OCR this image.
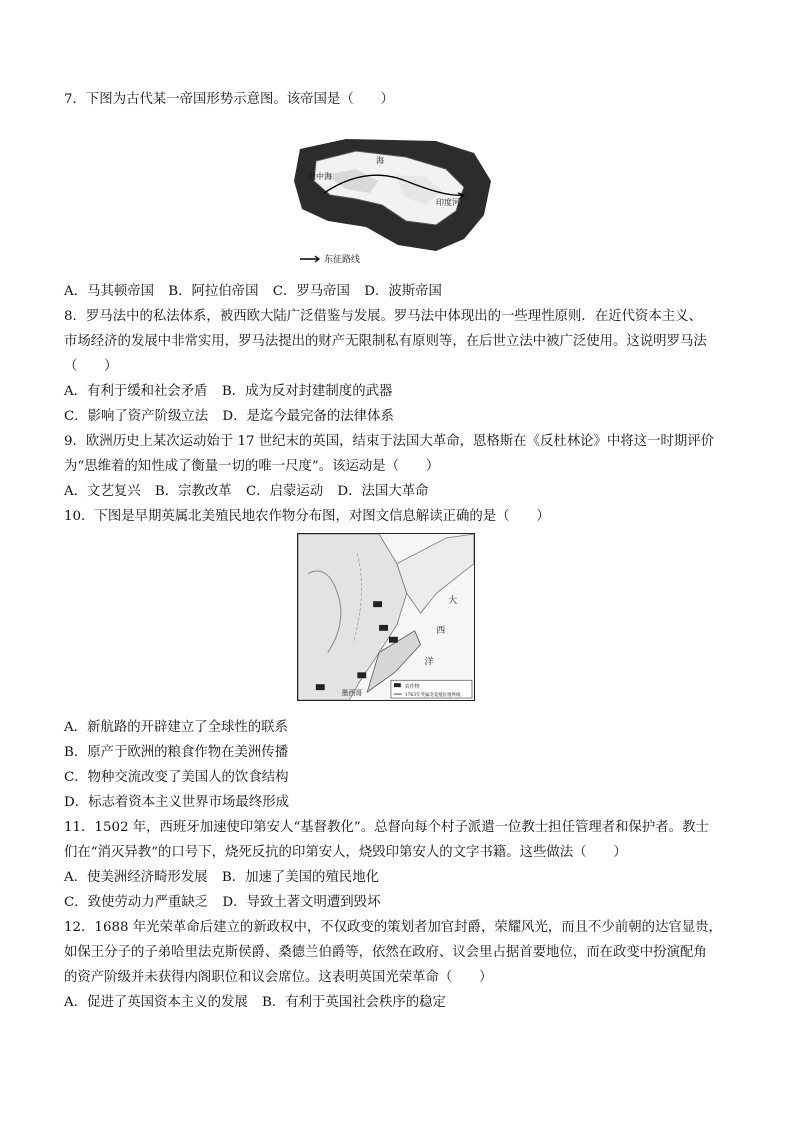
7．下图为古代某一帝国形势示意图。该帝国是（　　）
地中海
海
印度河
东征路线
A．马其顿帝国 B．阿拉伯帝国 C．罗马帝国 D．波斯帝国
8．罗马法中的私法体系，被西欧大陆广泛借鉴与发展。罗马法中体现出的一些理性原则．在近代资本主义、
市场经济的发展中非常实用，罗马法提出的财产无限制私有原则等，在后世立法中被广泛使用。这说明罗马法
（　　）
A．有利于缓和社会矛盾 B．成为反对封建制度的武器
C．影响了资产阶级立法 D．是迄今最完备的法律体系
9．欧洲历史上某次运动始于 17 世纪末的英国，结束于法国大革命，恩格斯在《反杜林论》中将这一时期评价
为“思维着的知性成了衡量一切的唯一尺度”。该运动是（　　）
A．文艺复兴 B．宗教改革 C．启蒙运动 D．法国大革命
10．下图是早期英属北美殖民地农作物分布图，对图文信息解读正确的是（　　）
大
西
洋
墨西哥
农作物
1763年英属北美殖民地界线
A．新航路的开辟建立了全球性的联系
B．原产于欧洲的粮食作物在美洲传播
C．物种交流改变了美国人的饮食结构
D．标志着资本主义世界市场最终形成
11．1502 年，西班牙加速使印第安人“基督教化”。总督向每个村子派遣一位教士担任管理者和保护者。教士
们在“消灭异教”的口号下，烧死反抗的印第安人，烧毁印第安人的文字书籍。这些做法（　　）
A．使美洲经济畸形发展 B．加速了美国的殖民地化
C．致使劳动力严重缺乏 D．导致土著文明遭到毁坏
12．1688 年光荣革命后建立的新政权中，不仅政变的策划者加官封爵，荣耀风光，而且不少前朝的达官显贵，
如保王分子的子弟哈里法克斯侯爵、桑德兰伯爵等，依然在政府、议会里占据首要地位，而在政变中扮演配角
的资产阶级并未获得内阁职位和议会席位。这表明英国光荣革命（　　）
A．促进了英国资本主义的发展 B．有利于英国社会秩序的稳定
